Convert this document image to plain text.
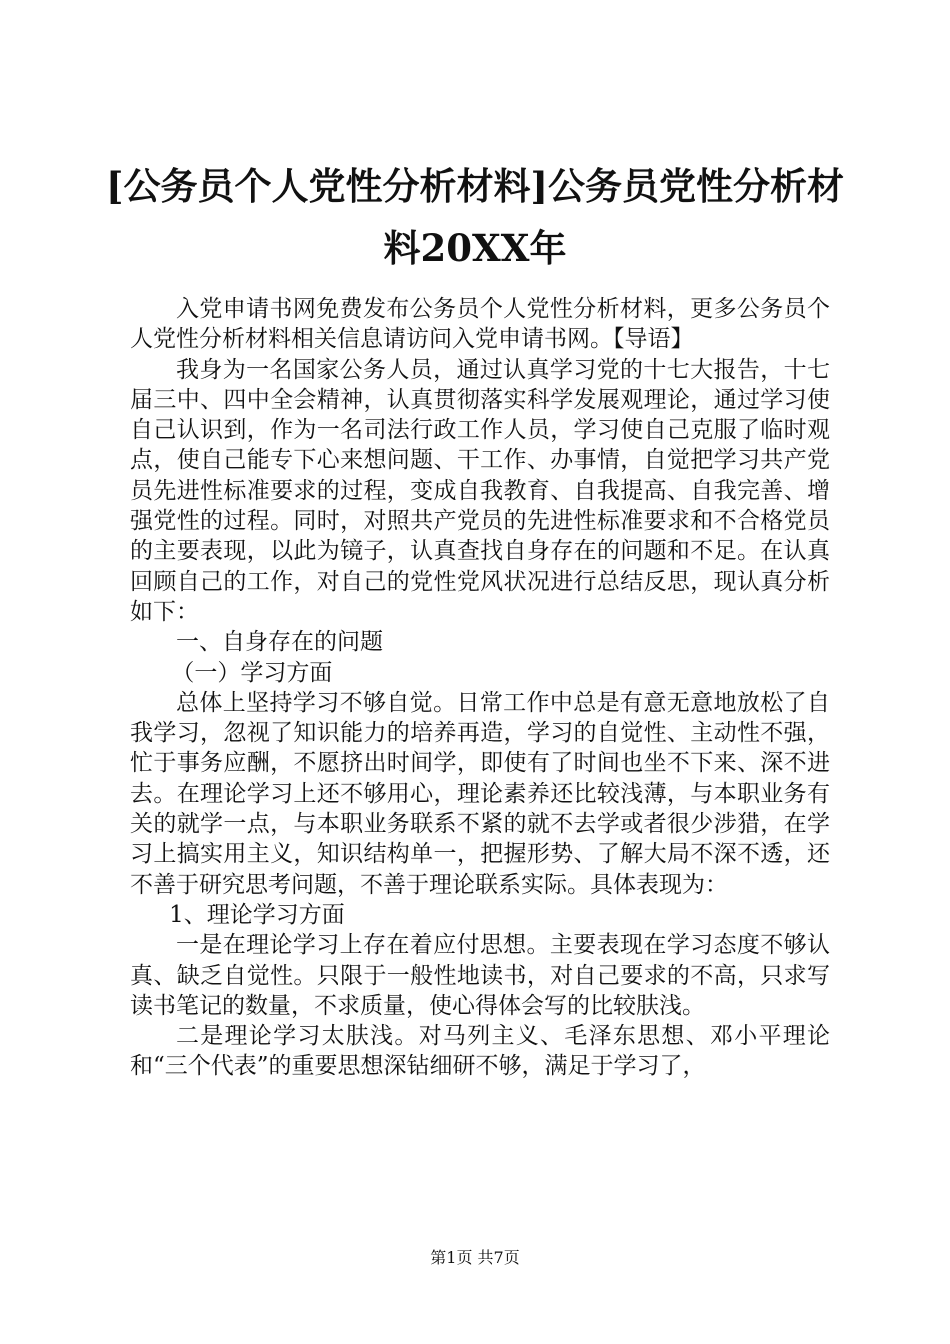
[公务员个人党性分析材料]公务员党性分析材料20XX年

入党申请书网免费发布公务员个人党性分析材料，更多公务员个人党性分析材料相关信息请访问入党申请书网。【导语】

我身为一名国家公务人员，通过认真学习党的十七大报告，十七届三中、四中全会精神，认真贯彻落实科学发展观理论，通过学习使自己认识到，作为一名司法行政工作人员，学习使自己克服了临时观点，使自己能专下心来想问题、干工作、办事情，自觉把学习共产党员先进性标准要求的过程，变成自我教育、自我提高、自我完善、增强党性的过程。同时，对照共产党员的先进性标准要求和不合格党员的主要表现，以此为镜子，认真查找自身存在的问题和不足。在认真回顾自己的工作，对自己的党性党风状况进行总结反思，现认真分析如下：

一、自身存在的问题

（一）学习方面

总体上坚持学习不够自觉。日常工作中总是有意无意地放松了自我学习，忽视了知识能力的培养再造，学习的自觉性、主动性不强，忙于事务应酬，不愿挤出时间学，即使有了时间也坐不下来、深不进去。在理论学习上还不够用心，理论素养还比较浅薄，与本职业务有关的就学一点，与本职业务联系不紧的就不去学或者很少涉猎，在学习上搞实用主义，知识结构单一，把握形势、了解大局不深不透，还不善于研究思考问题，不善于理论联系实际。具体表现为：

1、理论学习方面

一是在理论学习上存在着应付思想。主要表现在学习态度不够认真、缺乏自觉性。只限于一般性地读书，对自己要求的不高，只求写读书笔记的数量，不求质量，使心得体会写的比较肤浅。

二是理论学习太肤浅。对马列主义、毛泽东思想、邓小平理论和“三个代表”的重要思想深钻细研不够，满足于学习了，

第1页 共7页
